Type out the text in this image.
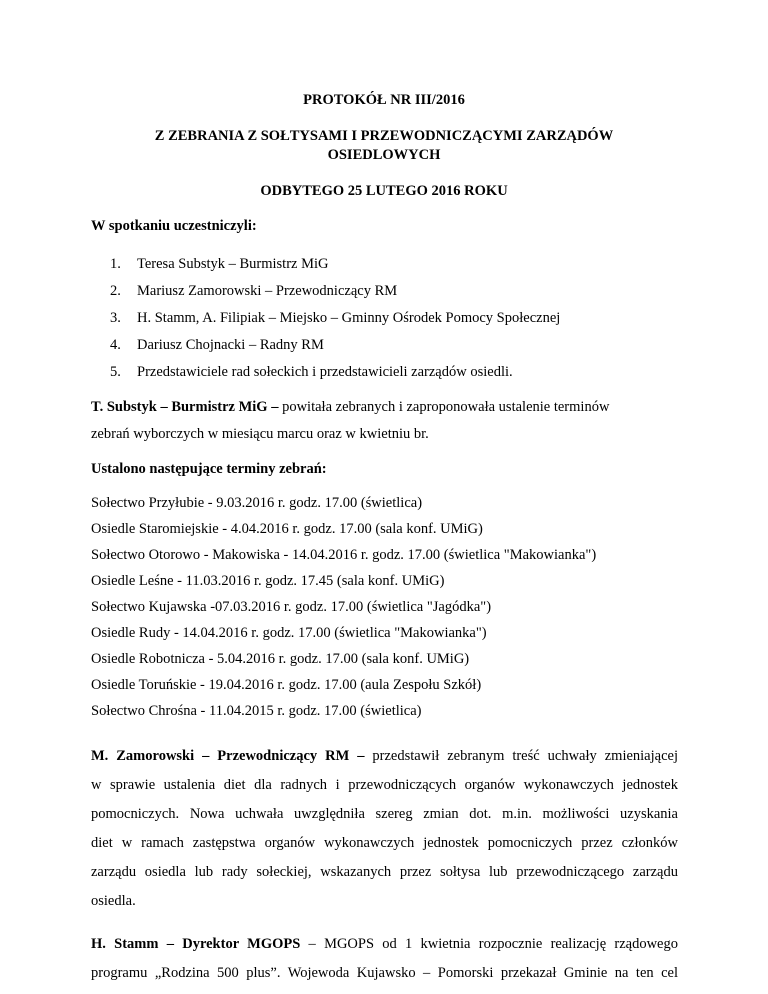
PROTOKÓŁ NR III/2016
Z ZEBRANIA Z SOŁTYSAMI I PRZEWODNICZĄCYMI ZARZĄDÓW
OSIEDLOWYCH
ODBYTEGO 25 LUTEGO 2016 ROKU
W spotkaniu uczestniczyli:
1. Teresa Substyk – Burmistrz MiG
2. Mariusz Zamorowski – Przewodniczący RM
3. H. Stamm, A. Filipiak – Miejsko – Gminny Ośrodek Pomocy Społecznej
4. Dariusz Chojnacki – Radny RM
5. Przedstawiciele rad sołeckich i przedstawicieli zarządów osiedli.
T. Substyk – Burmistrz MiG – powitała zebranych i zaproponowała ustalenie terminów
zebrań wyborczych w miesiącu marcu oraz w kwietniu br.
Ustalono następujące terminy zebrań:
Sołectwo Przyłubie - 9.03.2016 r. godz. 17.00 (świetlica)
Osiedle Staromiejskie - 4.04.2016 r. godz. 17.00 (sala konf. UMiG)
Sołectwo Otorowo - Makowiska - 14.04.2016 r. godz. 17.00 (świetlica "Makowianka")
Osiedle Leśne - 11.03.2016 r. godz. 17.45 (sala konf. UMiG)
Sołectwo Kujawska -07.03.2016 r. godz. 17.00 (świetlica "Jagódka")
Osiedle Rudy - 14.04.2016 r. godz. 17.00 (świetlica "Makowianka")
Osiedle Robotnicza - 5.04.2016 r. godz. 17.00 (sala konf. UMiG)
Osiedle Toruńskie - 19.04.2016 r. godz. 17.00 (aula Zespołu Szkół)
Sołectwo Chrośna - 11.04.2015 r. godz. 17.00 (świetlica)
M. Zamorowski – Przewodniczący RM – przedstawił zebranym treść uchwały zmieniającej
w sprawie ustalenia diet dla radnych i przewodniczących organów wykonawczych jednostek
pomocniczych. Nowa uchwała uwzględniła szereg zmian dot. m.in. możliwości uzyskania
diet w ramach zastępstwa organów wykonawczych jednostek pomocniczych przez członków
zarządu osiedla lub rady sołeckiej, wskazanych przez sołtysa lub przewodniczącego zarządu
osiedla.
H. Stamm – Dyrektor MGOPS – MGOPS od 1 kwietnia rozpocznie realizację rządowego
programu „Rodzina 500 plus”. Wojewoda Kujawsko – Pomorski przekazał Gminie na ten cel
